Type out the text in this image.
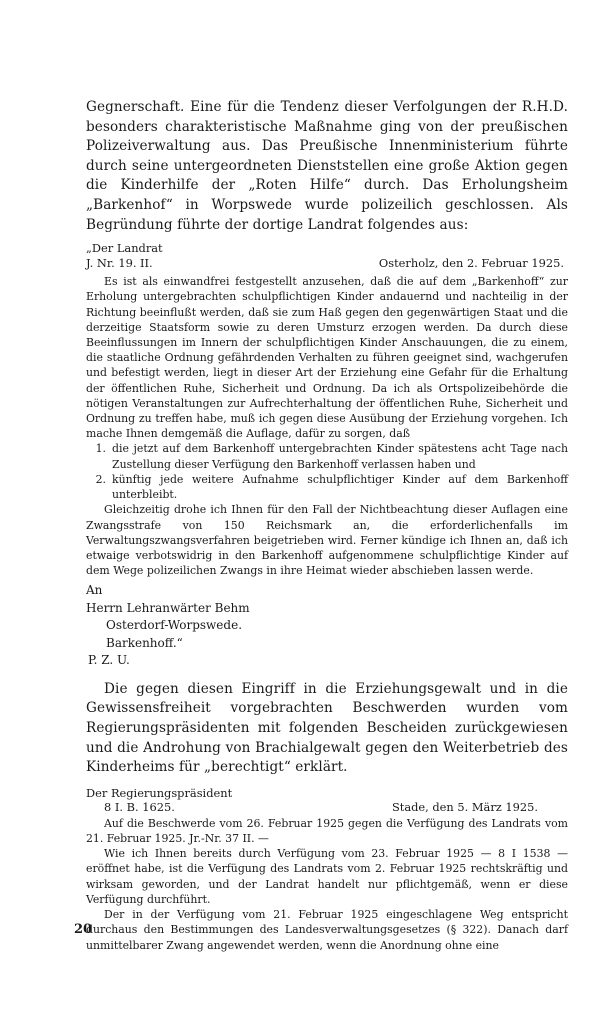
Gegnerschaft. Eine für die Tendenz dieser Verfolgungen der R.H.D. besonders charakteristische Maßnahme ging von der preußischen Polizeiverwaltung aus. Das Preußische Innenministerium führte durch seine untergeordneten Dienststellen eine große Aktion gegen die Kinderhilfe der „Roten Hilfe“ durch. Das Erholungsheim „Barkenhof“ in Worpswede wurde polizeilich geschlossen. Als Begründung führte der dortige Landrat folgendes aus:

„Der Landrat

J. Nr. 19. II.	Osterholz, den 2. Februar 1925.

Es ist als einwandfrei festgestellt anzusehen, daß die auf dem „Barkenhoff“ zur Erholung untergebrachten schulpflichtigen Kinder andauernd und nachteilig in der Richtung beeinflußt werden, daß sie zum Haß gegen den gegenwärtigen Staat und die derzeitige Staatsform sowie zu deren Umsturz erzogen werden. Da durch diese Beeinflussungen im Innern der schulpflichtigen Kinder Anschauungen, die zu einem, die staatliche Ordnung gefährdenden Verhalten zu führen geeignet sind, wachgerufen und befestigt werden, liegt in dieser Art der Erziehung eine Gefahr für die Erhaltung der öffentlichen Ruhe, Sicherheit und Ordnung. Da ich als Ortspolizeibehörde die nötigen Veranstaltungen zur Aufrechterhaltung der öffentlichen Ruhe, Sicherheit und Ordnung zu treffen habe, muß ich gegen diese Ausübung der Erziehung vorgehen. Ich mache Ihnen demgemäß die Auflage, dafür zu sorgen, daß

1. die jetzt auf dem Barkenhoff untergebrachten Kinder spätestens acht Tage nach Zustellung dieser Verfügung den Barkenhoff verlassen haben und
2. künftig jede weitere Aufnahme schulpflichtiger Kinder auf dem Barkenhoff unterbleibt.

Gleichzeitig drohe ich Ihnen für den Fall der Nichtbeachtung dieser Auflagen eine Zwangsstrafe von 150 Reichsmark an, die erforderlichenfalls im Verwaltungszwangsverfahren beigetrieben wird. Ferner kündige ich Ihnen an, daß ich etwaige verbotswidrig in den Barkenhoff aufgenommene schulpflichtige Kinder auf dem Wege polizeilichen Zwangs in ihre Heimat wieder abschieben lassen werde.

An

Herrn Lehranwärter Behm

Osterdorf-Worpswede.

Barkenhoff.“

P. Z. U.

Die gegen diesen Eingriff in die Erziehungsgewalt und in die Gewissensfreiheit vorgebrachten Beschwerden wurden vom Regierungspräsidenten mit folgenden Bescheiden zurückgewiesen und die Androhung von Brachialgewalt gegen den Weiterbetrieb des Kinderheims für „berechtigt“ erklärt.

Der Regierungspräsident

8 I. B. 1625.	Stade, den 5. März 1925.

Auf die Beschwerde vom 26. Februar 1925 gegen die Verfügung des Landrats vom 21. Februar 1925. Jr.-Nr. 37 II. —

Wie ich Ihnen bereits durch Verfügung vom 23. Februar 1925 — 8 I 1538 — eröffnet habe, ist die Verfügung des Landrats vom 2. Februar 1925 rechtskräftig und wirksam geworden, und der Landrat handelt nur pflichtgemäß, wenn er diese Verfügung durchführt.

Der in der Verfügung vom 21. Februar 1925 eingeschlagene Weg entspricht durchaus den Bestimmungen des Landesverwaltungsgesetzes (§ 322). Danach darf unmittelbarer Zwang angewendet werden, wenn die Anordnung ohne eine

20
